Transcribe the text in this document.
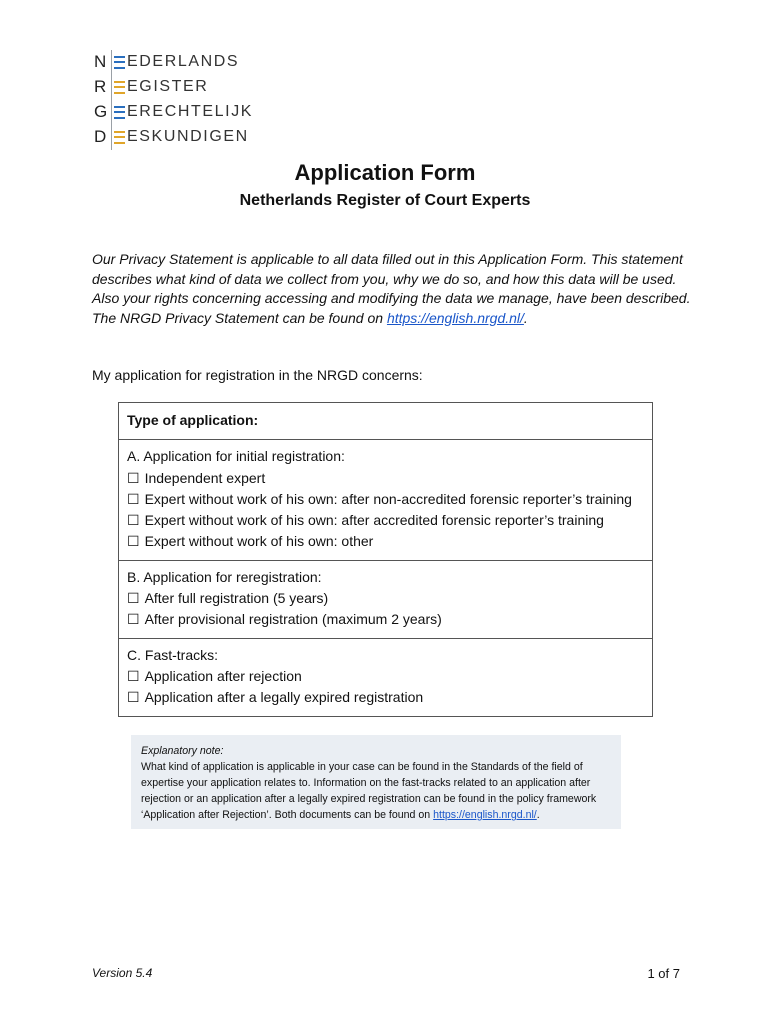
N EDERLANDS
R EGISTER
G ERECHTELIJK
D ESKUNDIGEN
Application Form
Netherlands Register of Court Experts
Our Privacy Statement is applicable to all data filled out in this Application Form. This statement describes what kind of data we collect from you, why we do so, and how this data will be used. Also your rights concerning accessing and modifying the data we manage, have been described. The NRGD Privacy Statement can be found on https://english.nrgd.nl/.
My application for registration in the NRGD concerns:
Type of application:
A. Application for initial registration:
☐ Independent expert
☐ Expert without work of his own: after non-accredited forensic reporter’s training
☐ Expert without work of his own: after accredited forensic reporter’s training
☐ Expert without work of his own: other
B. Application for reregistration:
☐ After full registration (5 years)
☐ After provisional registration (maximum 2 years)
C. Fast-tracks:
☐ Application after rejection
☐ Application after a legally expired registration
Explanatory note:
What kind of application is applicable in your case can be found in the Standards of the field of expertise your application relates to. Information on the fast-tracks related to an application after rejection or an application after a legally expired registration can be found in the policy framework ‘Application after Rejection’. Both documents can be found on https://english.nrgd.nl/.
Version 5.4	1 of 7
